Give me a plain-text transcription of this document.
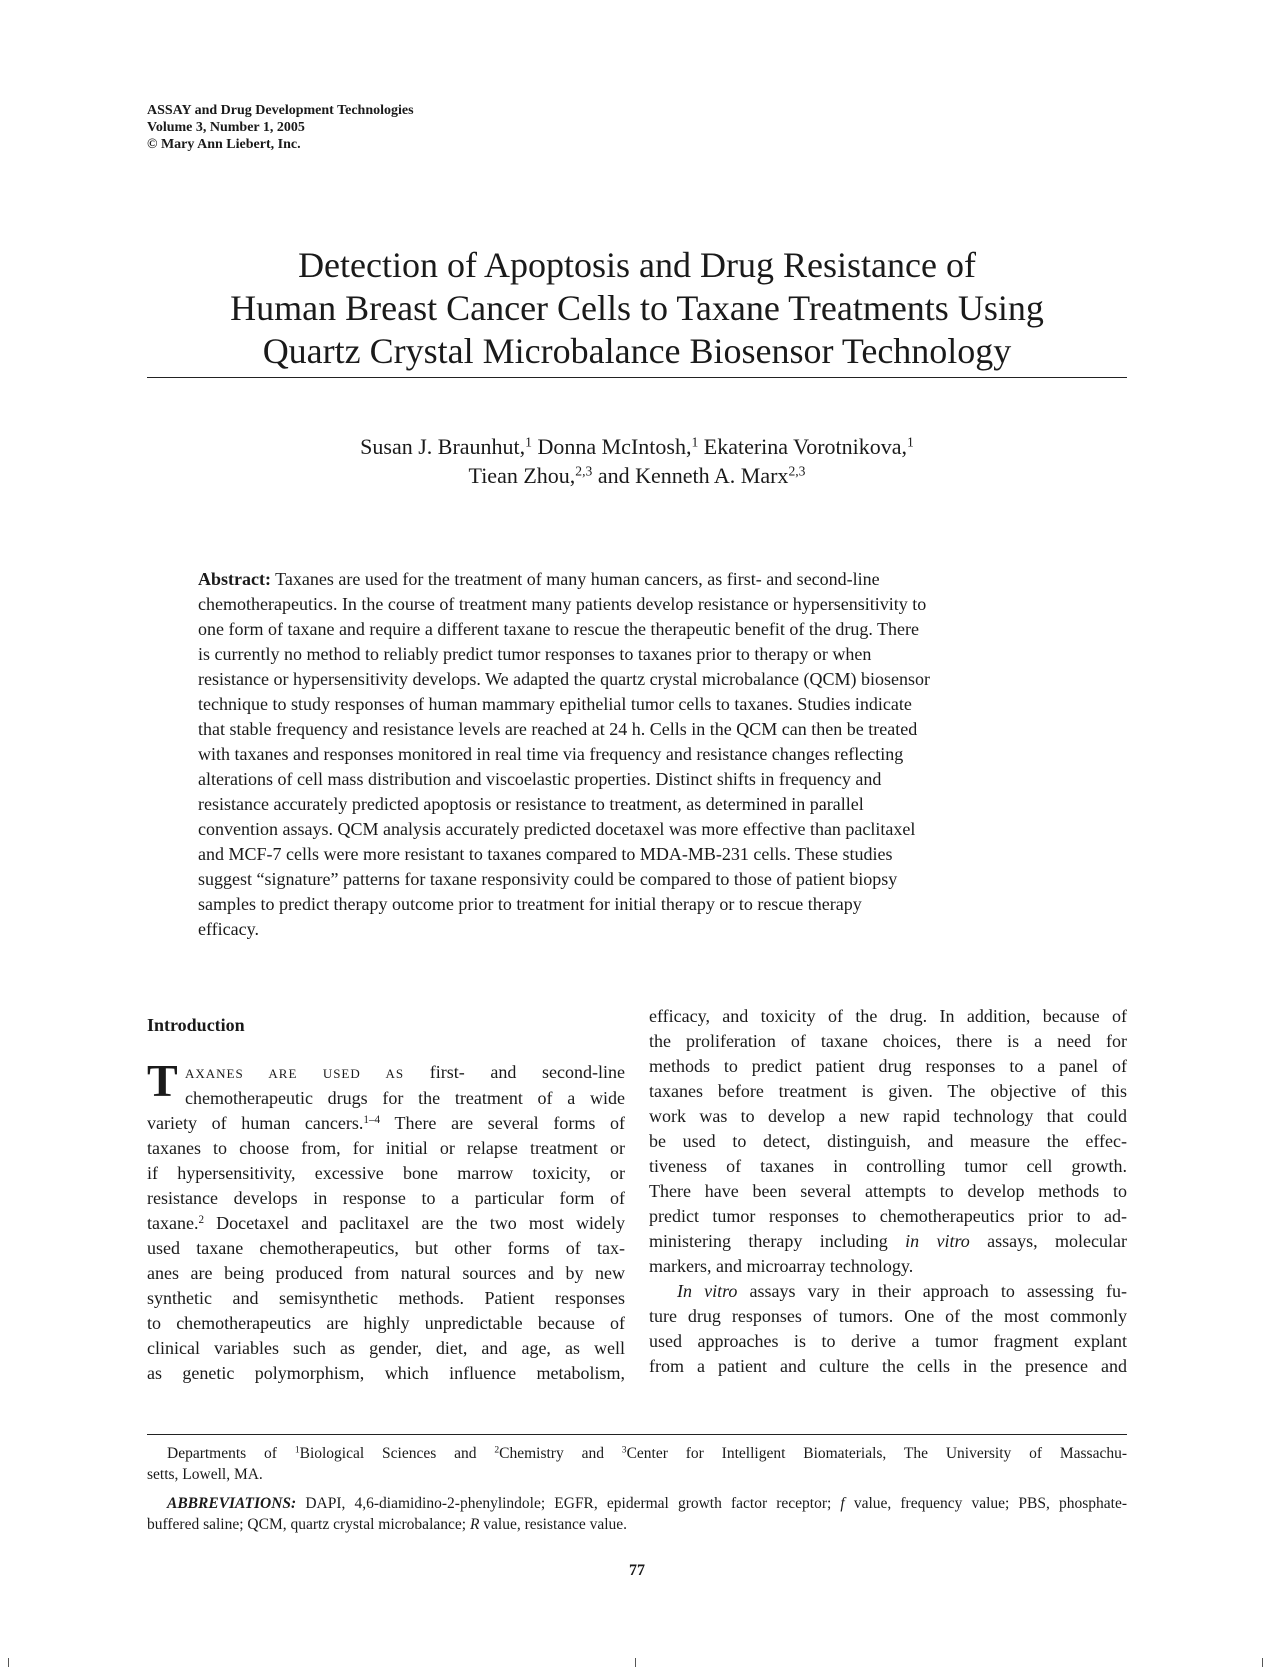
ASSAY and Drug Development Technologies
Volume 3, Number 1, 2005
© Mary Ann Liebert, Inc.
Detection of Apoptosis and Drug Resistance of
Human Breast Cancer Cells to Taxane Treatments Using
Quartz Crystal Microbalance Biosensor Technology
Susan J. Braunhut,$^1$ Donna McIntosh,$^1$ Ekaterina Vorotnikova,$^1$
Tiean Zhou,$^{2,3}$ and Kenneth A. Marx$^{2,3}$
Abstract: Taxanes are used for the treatment of many human cancers, as first- and second-line
chemotherapeutics. In the course of treatment many patients develop resistance or hypersensitivity to
one form of taxane and require a different taxane to rescue the therapeutic benefit of the drug. There
is currently no method to reliably predict tumor responses to taxanes prior to therapy or when
resistance or hypersensitivity develops. We adapted the quartz crystal microbalance (QCM) biosensor
technique to study responses of human mammary epithelial tumor cells to taxanes. Studies indicate
that stable frequency and resistance levels are reached at 24 h. Cells in the QCM can then be treated
with taxanes and responses monitored in real time via frequency and resistance changes reflecting
alterations of cell mass distribution and viscoelastic properties. Distinct shifts in frequency and
resistance accurately predicted apoptosis or resistance to treatment, as determined in parallel
convention assays. QCM analysis accurately predicted docetaxel was more effective than paclitaxel
and MCF-7 cells were more resistant to taxanes compared to MDA-MB-231 cells. These studies
suggest “signature” patterns for taxane responsivity could be compared to those of patient biopsy
samples to predict therapy outcome prior to treatment for initial therapy or to rescue therapy
efficacy.
Introduction
T AXANES ARE USED AS first- and second-line
chemotherapeutic drugs for the treatment of a wide
variety of human cancers.$^{1-4}$ There are several forms of
taxanes to choose from, for initial or relapse treatment or
if hypersensitivity, excessive bone marrow toxicity, or
resistance develops in response to a particular form of
taxane.$^2$ Docetaxel and paclitaxel are the two most widely
used taxane chemotherapeutics, but other forms of tax-
anes are being produced from natural sources and by new
synthetic and semisynthetic methods. Patient responses
to chemotherapeutics are highly unpredictable because of
clinical variables such as gender, diet, and age, as well
as genetic polymorphism, which influence metabolism,
efficacy, and toxicity of the drug. In addition, because of
the proliferation of taxane choices, there is a need for
methods to predict patient drug responses to a panel of
taxanes before treatment is given. The objective of this
work was to develop a new rapid technology that could
be used to detect, distinguish, and measure the effec-
tiveness of taxanes in controlling tumor cell growth.
There have been several attempts to develop methods to
predict tumor responses to chemotherapeutics prior to ad-
ministering therapy including in vitro assays, molecular
markers, and microarray technology.
In vitro assays vary in their approach to assessing fu-
ture drug responses of tumors. One of the most commonly
used approaches is to derive a tumor fragment explant
from a patient and culture the cells in the presence and
Departments of $^1$Biological Sciences and $^2$Chemistry and $^3$Center for Intelligent Biomaterials, The University of Massachu-
setts, Lowell, MA.
ABBREVIATIONS: DAPI, 4,6-diamidino-2-phenylindole; EGFR, epidermal growth factor receptor; f value, frequency value; PBS, phosphate-
buffered saline; QCM, quartz crystal microbalance; R value, resistance value.
77
